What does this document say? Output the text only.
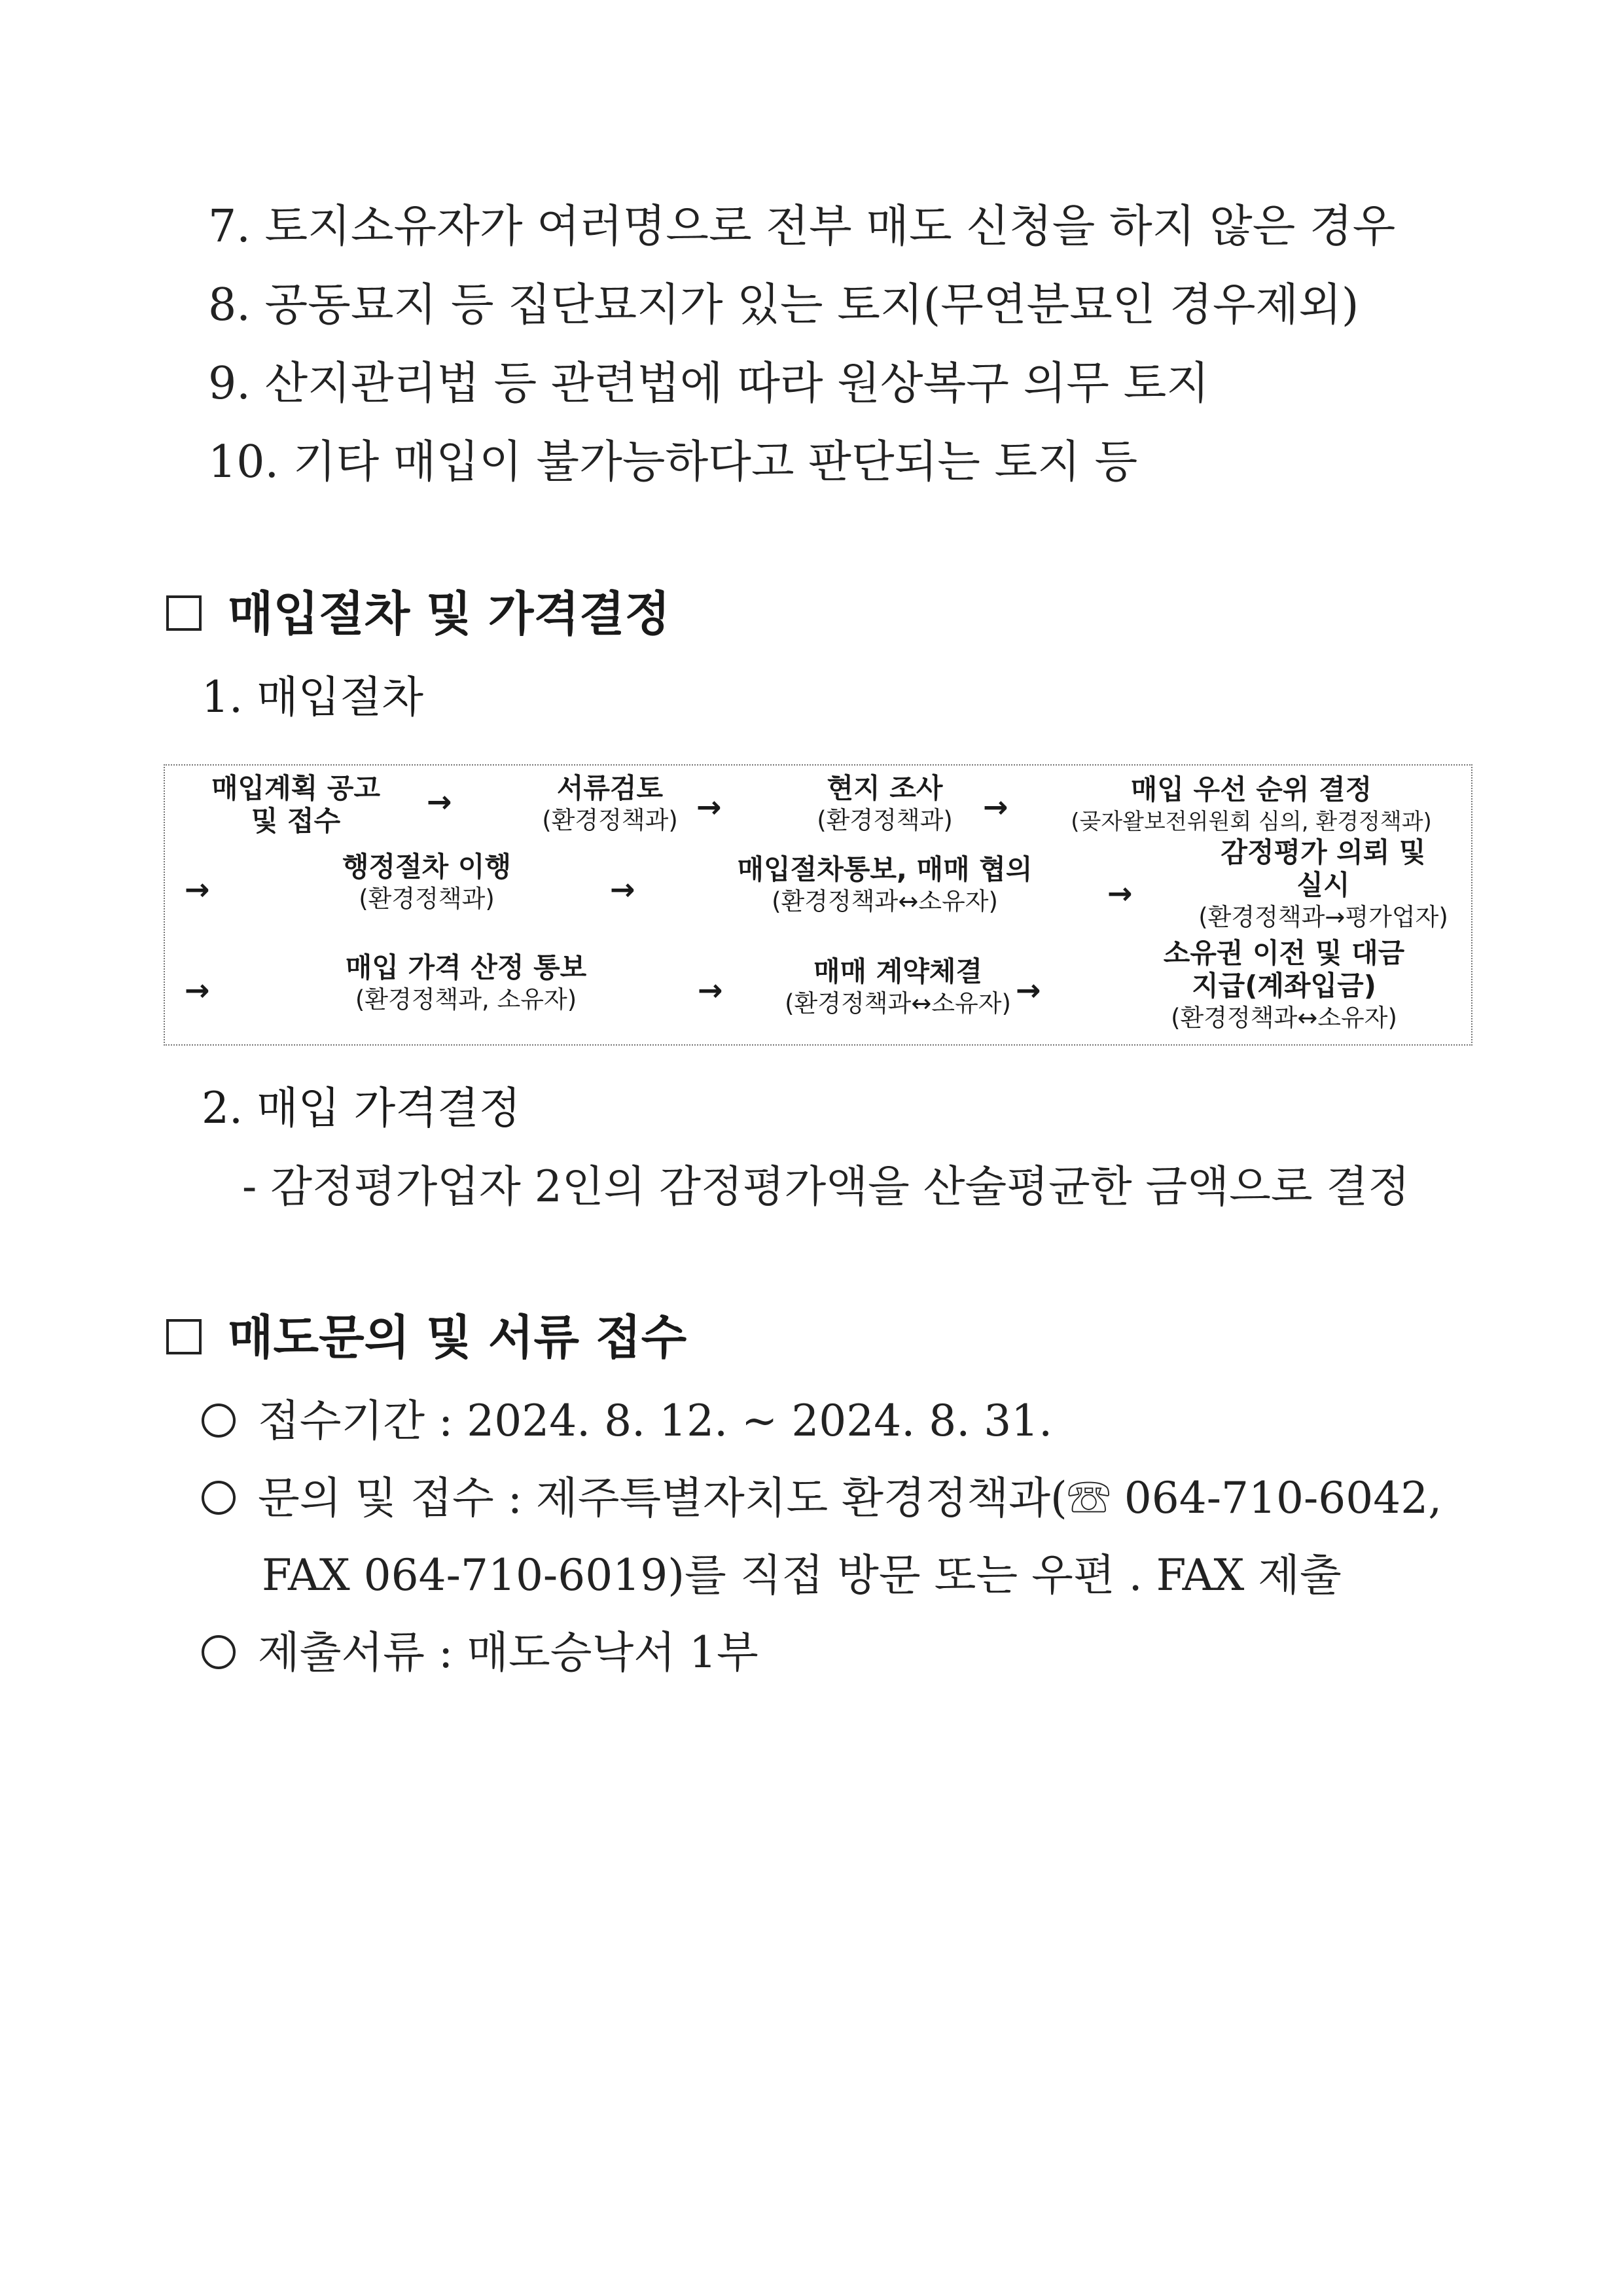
7. 토지소유자가 여러명으로 전부 매도 신청을 하지 않은 경우
8. 공동묘지 등 집단묘지가 있는 토지(무연분묘인 경우제외)
9. 산지관리법 등 관련법에 따라 원상복구 의무 토지
10. 기타 매입이 불가능하다고 판단되는 토지 등
매입절차 및 가격결정
1. 매입절차
매입계획 공고
및 접수
→	서류검토
(환경정책과) →
현지 조사
(환경정책과)	→	매입 우선 순위 결정
(곶자왈보전위원회 심의, 환경정책과)
→
행정절차 이행
(환경정책과)	→
매입절차통보, 매매 협의
(환경정책과↔소유자)	→
감정평가 의뢰 및
실시
(환경정책과→평가업자)
→
매입 가격 산정 통보
(환경정책과, 소유자)	→
매매 계약체결
(환경정책과↔소유자) →
소유권 이전 및 대금
지급(계좌입금)
(환경정책과↔소유자)
2. 매입 가격결정
- 감정평가업자 2인의 감정평가액을 산술평균한 금액으로 결정
매도문의 및 서류 접수
접수기간 : 2024. 8. 12. ~ 2024. 8. 31.
문의 및 접수 : 제주특별자치도 환경정책과(☏ 064-710-6042,
FAX 064-710-6019)를 직접 방문 또는 우편 . FAX 제출
제출서류 : 매도승낙서 1부
